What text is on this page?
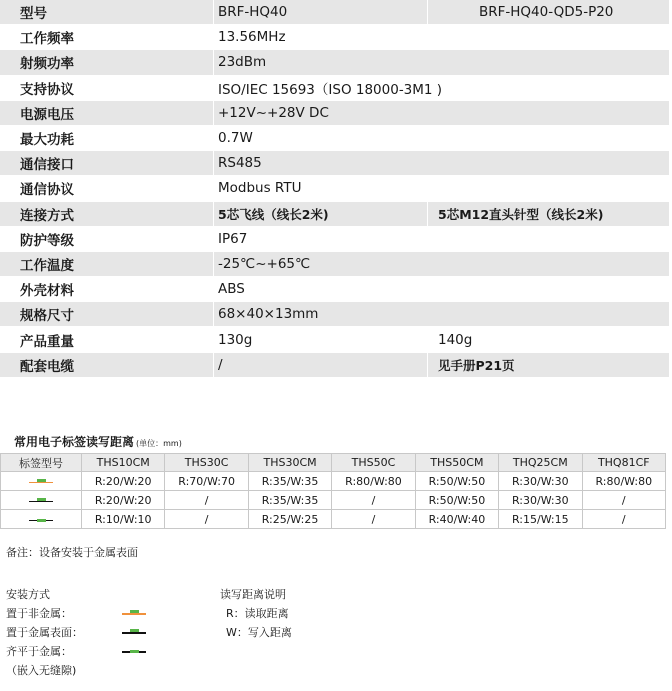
型号	BRF-HQ40	BRF-HQ40-QD5-P20
工作频率	13.56MHz
射频功率	23dBm
支持协议	ISO/IEC 15693（ISO 18000-3M1 )
电源电压	+12V~+28V DC
最大功耗	0.7W
通信接口	RS485
通信协议	Modbus RTU
连接方式	5芯飞线（线长2米)	5芯M12直头针型（线长2米)
防护等级	IP67
工作温度	-25℃~+65℃
外壳材料	ABS
规格尺寸	68×40×13mm
产品重量	130g	140g
配套电缆	/	见手册P21页
常用电子标签读写距离 (单位：mm)
标签型号	THS10CM	THS30C	THS30CM	THS50C	THS50CM	THQ25CM	THQ81CF

	R:20/W:20	R:70/W:70	R:35/W:35	R:80/W:80	R:50/W:50	R:30/W:30	R:80/W:80

	R:20/W:20	/	R:35/W:35	/	R:50/W:50	R:30/W:30	/

	R:10/W:10	/	R:25/W:25	/	R:40/W:40	R:15/W:15	/
备注：设备安装于金属表面
安装方式
置于非金属：
置于金属表面：
齐平于金属：
（嵌入无缝隙)
读写距离说明
R：读取距离
W：写入距离
